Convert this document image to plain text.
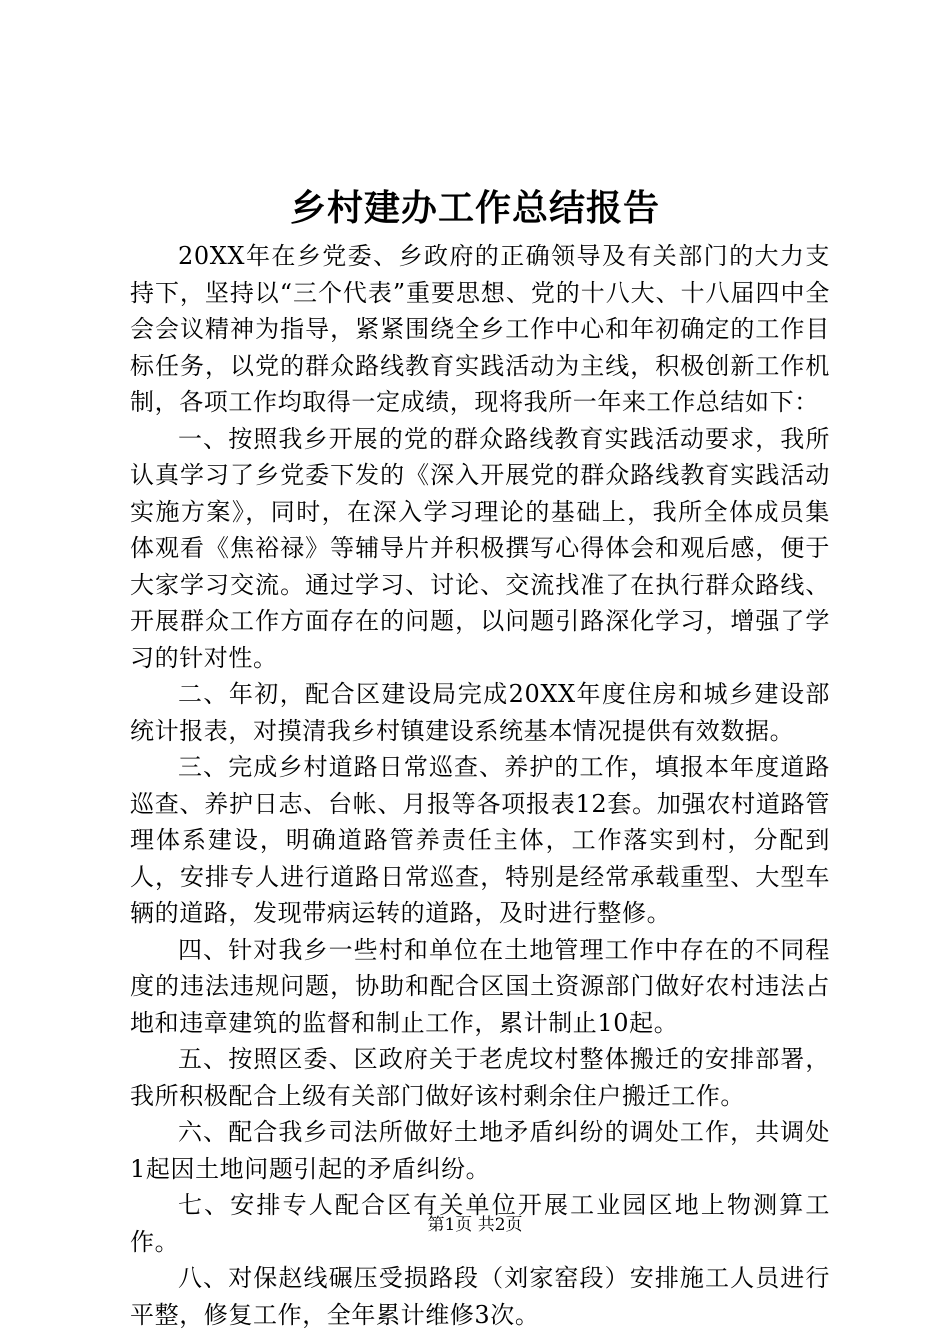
乡村建办工作总结报告

20XX年在乡党委、乡政府的正确领导及有关部门的大力支持下，坚持以“三个代表”重要思想、党的十八大、十八届四中全会会议精神为指导，紧紧围绕全乡工作中心和年初确定的工作目标任务，以党的群众路线教育实践活动为主线，积极创新工作机制，各项工作均取得一定成绩，现将我所一年来工作总结如下：

一、按照我乡开展的党的群众路线教育实践活动要求，我所认真学习了乡党委下发的《深入开展党的群众路线教育实践活动实施方案》，同时，在深入学习理论的基础上，我所全体成员集体观看《焦裕禄》等辅导片并积极撰写心得体会和观后感，便于大家学习交流。通过学习、讨论、交流找准了在执行群众路线、开展群众工作方面存在的问题，以问题引路深化学习，增强了学习的针对性。

二、年初，配合区建设局完成20XX年度住房和城乡建设部统计报表，对摸清我乡村镇建设系统基本情况提供有效数据。

三、完成乡村道路日常巡查、养护的工作，填报本年度道路巡查、养护日志、台帐、月报等各项报表12套。加强农村道路管理体系建设，明确道路管养责任主体，工作落实到村，分配到人，安排专人进行道路日常巡查，特别是经常承载重型、大型车辆的道路，发现带病运转的道路，及时进行整修。

四、针对我乡一些村和单位在土地管理工作中存在的不同程度的违法违规问题，协助和配合区国土资源部门做好农村违法占地和违章建筑的监督和制止工作，累计制止10起。

五、按照区委、区政府关于老虎坟村整体搬迁的安排部署，我所积极配合上级有关部门做好该村剩余住户搬迁工作。

六、配合我乡司法所做好土地矛盾纠纷的调处工作，共调处1起因土地问题引起的矛盾纠纷。

七、安排专人配合区有关单位开展工业园区地上物测算工作。

八、对保赵线碾压受损路段（刘家窑段）安排施工人员进行平整，修复工作，全年累计维修3次。

第1页 共2页
